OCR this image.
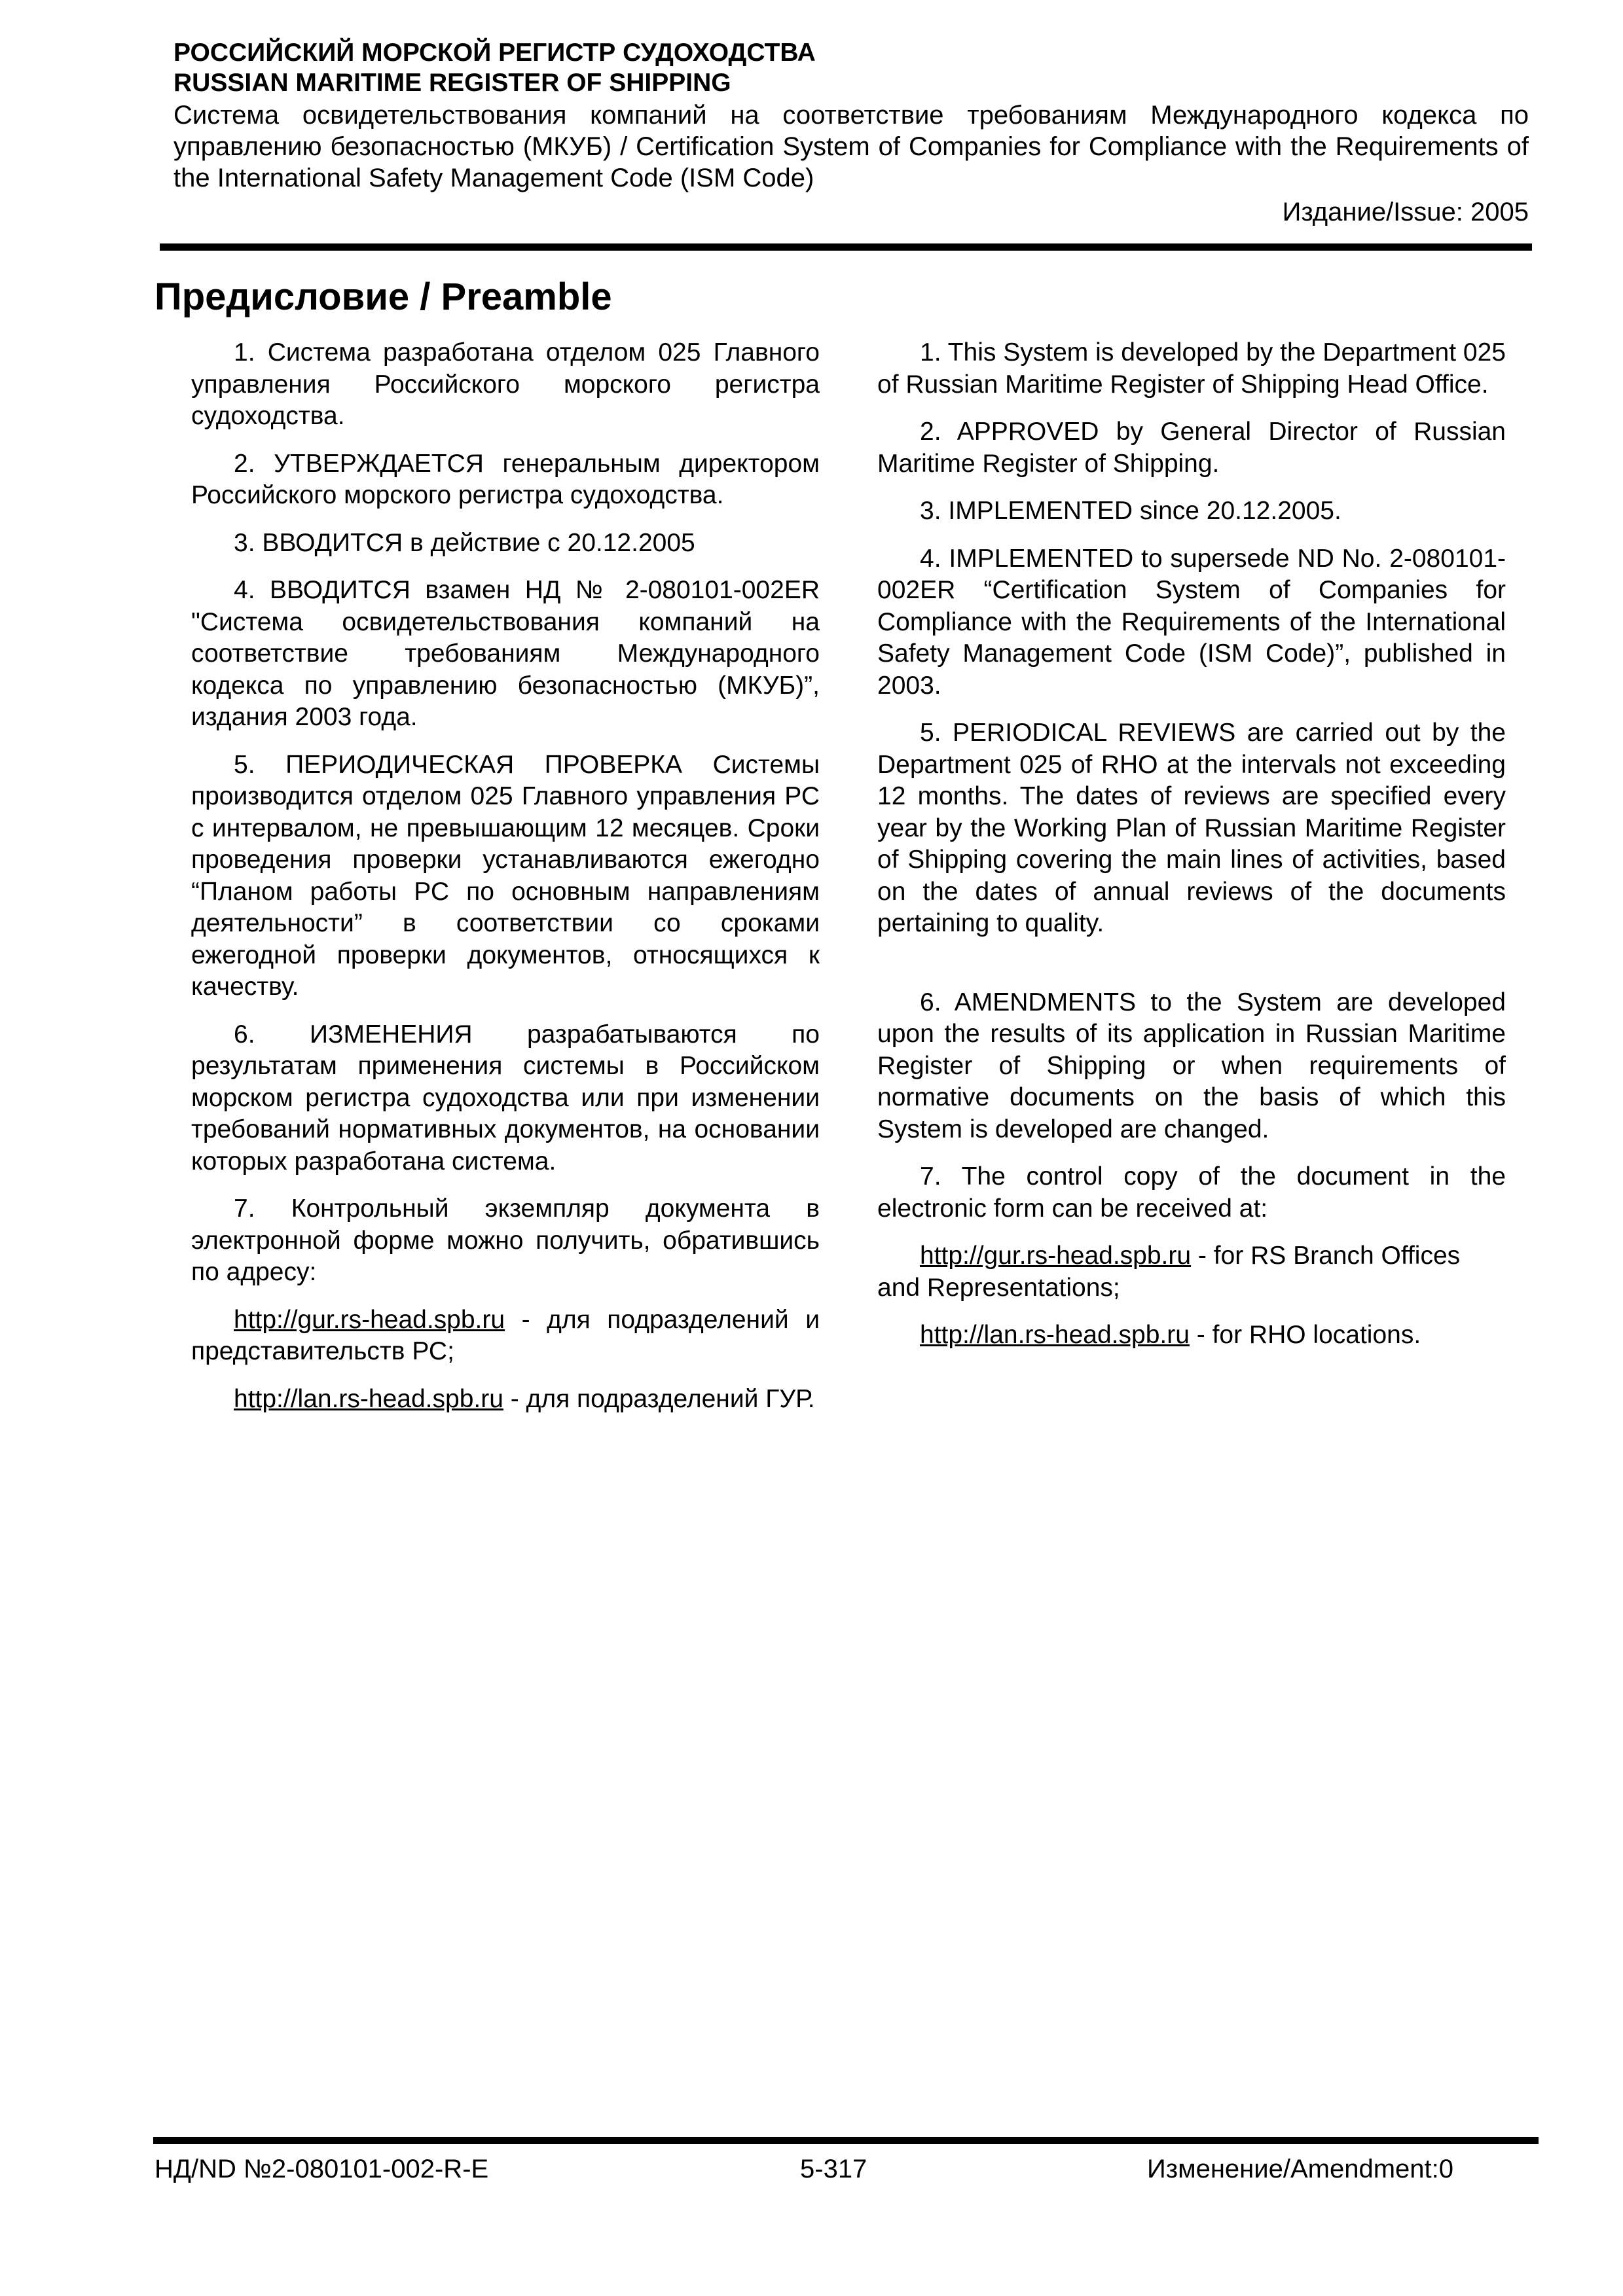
РОССИЙСКИЙ МОРСКОЙ РЕГИСТР СУДОХОДСТВА
RUSSIAN MARITIME REGISTER OF SHIPPING
Система освидетельствования компаний на соответствие требованиям Международного кодекса по управлению безопасностью (МКУБ) / Certification System of Companies for Compliance with the Requirements of the International Safety Management Code (ISM Code)
Издание/Issue: 2005
Предисловие / Preamble

1. Система разработана отделом 025 Главного управления Российского морского регистра судоходства.

2. УТВЕРЖДАЕТСЯ генеральным директором Российского морского регистра судоходства.

3. ВВОДИТСЯ в действие с 20.12.2005

4. ВВОДИТСЯ взамен НД № 2-080101-002ER "Система освидетельствования компаний на соответствие требованиям Международного кодекса по управлению безопасностью (МКУБ)”, издания 2003 года.

5. ПЕРИОДИЧЕСКАЯ ПРОВЕРКА Системы производится отделом 025 Главного управления РС с интервалом, не превышающим 12 месяцев. Сроки проведения проверки устанавливаются ежегодно “Планом работы РС по основным направлениям деятельности” в соответствии со сроками ежегодной проверки документов, относящихся к качеству.

6. ИЗМЕНЕНИЯ разрабатываются по результатам применения системы в Российском морском регистра судоходства или при изменении требований нормативных документов, на основании которых разработана система.

7. Контрольный экземпляр документа в электронной форме можно получить, обратившись по адресу:

http://gur.rs-head.spb.ru - для подразделений и представительств РС;

http://lan.rs-head.spb.ru - для подразделений ГУР.

1. This System is developed by the Department 025 of Russian Maritime Register of Shipping Head Office.

2. APPROVED by General Director of Russian Maritime Register of Shipping.

3. IMPLEMENTED since 20.12.2005.

4. IMPLEMENTED to supersede ND No. 2-080101-002ER “Certification System of Companies for Compliance with the Requirements of the International Safety Management Code (ISM Code)”, published in 2003.

5. PERIODICAL REVIEWS are carried out by the Department 025 of RHO at the intervals not exceeding 12 months. The dates of reviews are specified every year by the Working Plan of Russian Maritime Register of Shipping covering the main lines of activities, based on the dates of annual reviews of the documents pertaining to quality.

6. AMENDMENTS to the System are developed upon the results of its application in Russian Maritime Register of Shipping or when requirements of normative documents on the basis of which this System is developed are changed.

7. The control copy of the document in the electronic form can be received at:

http://gur.rs-head.spb.ru - for RS Branch Offices and Representations;

http://lan.rs-head.spb.ru - for RHO locations.

НД/ND №2-080101-002-R-E	5-317	Изменение/Amendment:0
